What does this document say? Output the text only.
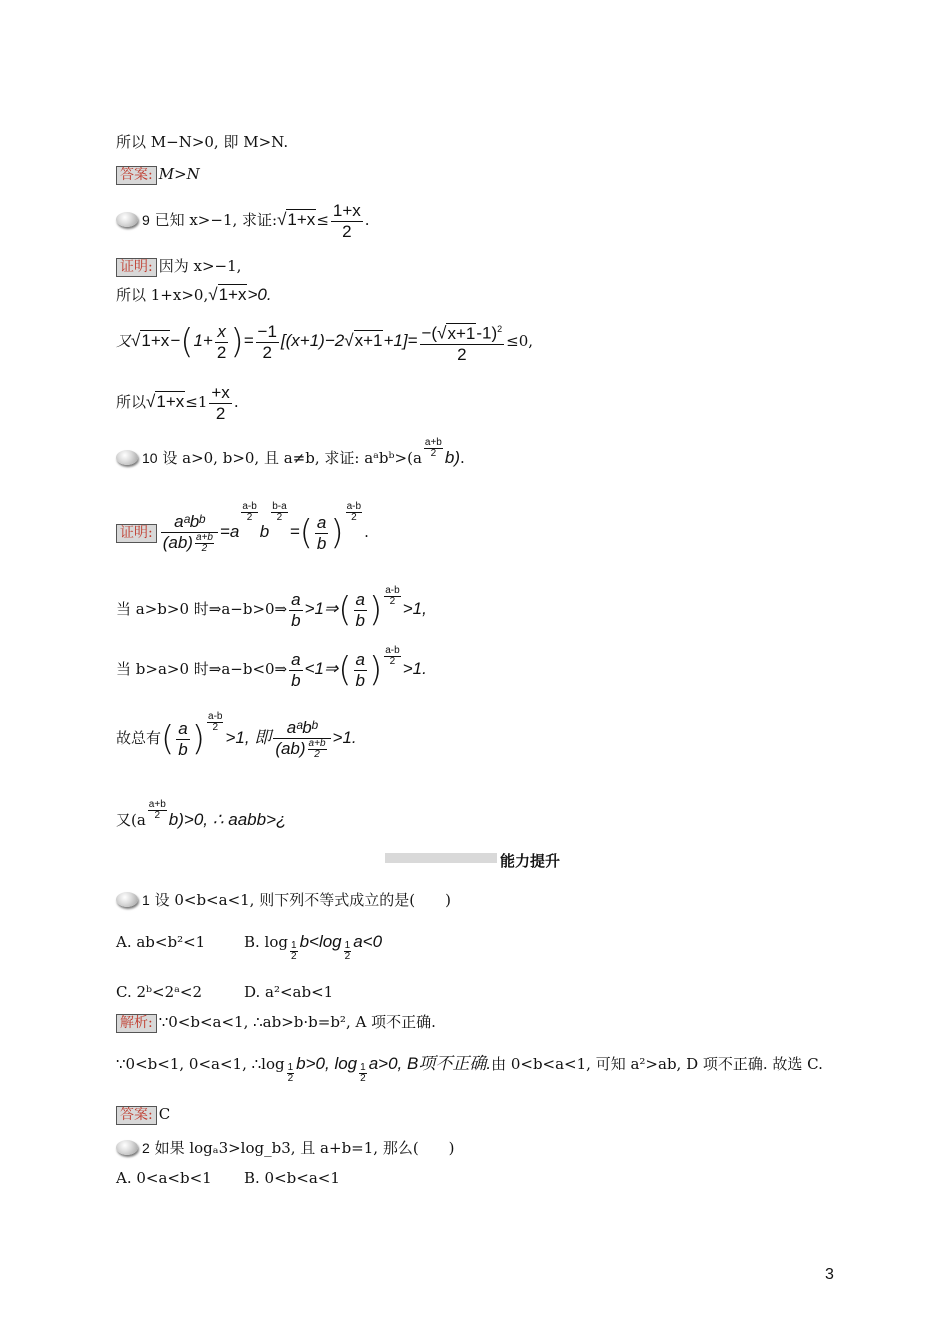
所以 M−N>0, 即 M>N.
答案: M>N
9 已知 x>−1, 求证:√1+x≤ $\frac{1+x}{2}$ .
证明: 因为 x>−1,
所以 1+x>0,√1+x>0.
又$√1+x-(1+ \frac{x}{2}$ )= $\frac{-1}{2} [(x+1)-2√x+1+1]= \frac{-(√x+1-1)^2}{2} \le 0$,
所以$√1+x\le 1 \frac{+x}{2}$ .
10 设 a>0, b>0, 且 a≠b, 求证: aᵃbᵇ>(a $\frac{a+b}{2} b$).
证明: $\frac{\text{aᵃbᵇ}}{(ab) \frac{a+b}{2}} =a$
$\frac{a-b}{2}$
b
$\frac{b-a}{2}$
=( $\frac{a}{b}$ )
$\frac{a-b}{2}$
.
当 a>b>0 时⇒a−b>0⇒ $\frac{a}{b}$ >1⇒( $\frac{a}{b}$ ) $\frac{a-b}{2}$
>1,
当 b>a>0 时⇒a−b<0⇒ $\frac{a}{b}$ <1⇒( $\frac{a}{b}$ ) $\frac{a-b}{2}$
>1.
故总有( $\frac{a}{b}$ ) $\frac{a-b}{2}$
>1, 即 $\frac{\text{aᵃbᵇ}}{(ab) \frac{a+b}{2}} >1$.
又$(a \frac{a+b}{2} b)>0$, ∴ aabb>¿
能力提升
1 设 0<b<a<1, 则下列不等式成立的是(　　)
A. ab<b²<1	B. $\log \frac{1}{2} b<\log \frac{1}{2} a<0$
C. 2ᵇ<2ᵃ<2	D. a²<ab<1
解析: ∵0<b<a<1, ∴ab>b·b=b², A 项不正确.
∵0<b<1, 0<a<1, ∴log $\frac{1}{2} b>0$, $\log \frac{1}{2} a>0$, B项不正确.由 0<b<a<1, 可知 a²>ab, D 项不正确. 故选 C.
答案: C
2 如果 logₐ3>log_b3, 且 a+b=1, 那么(　　)
A. 0<a<b<1 B. 0<b<a<1
3
